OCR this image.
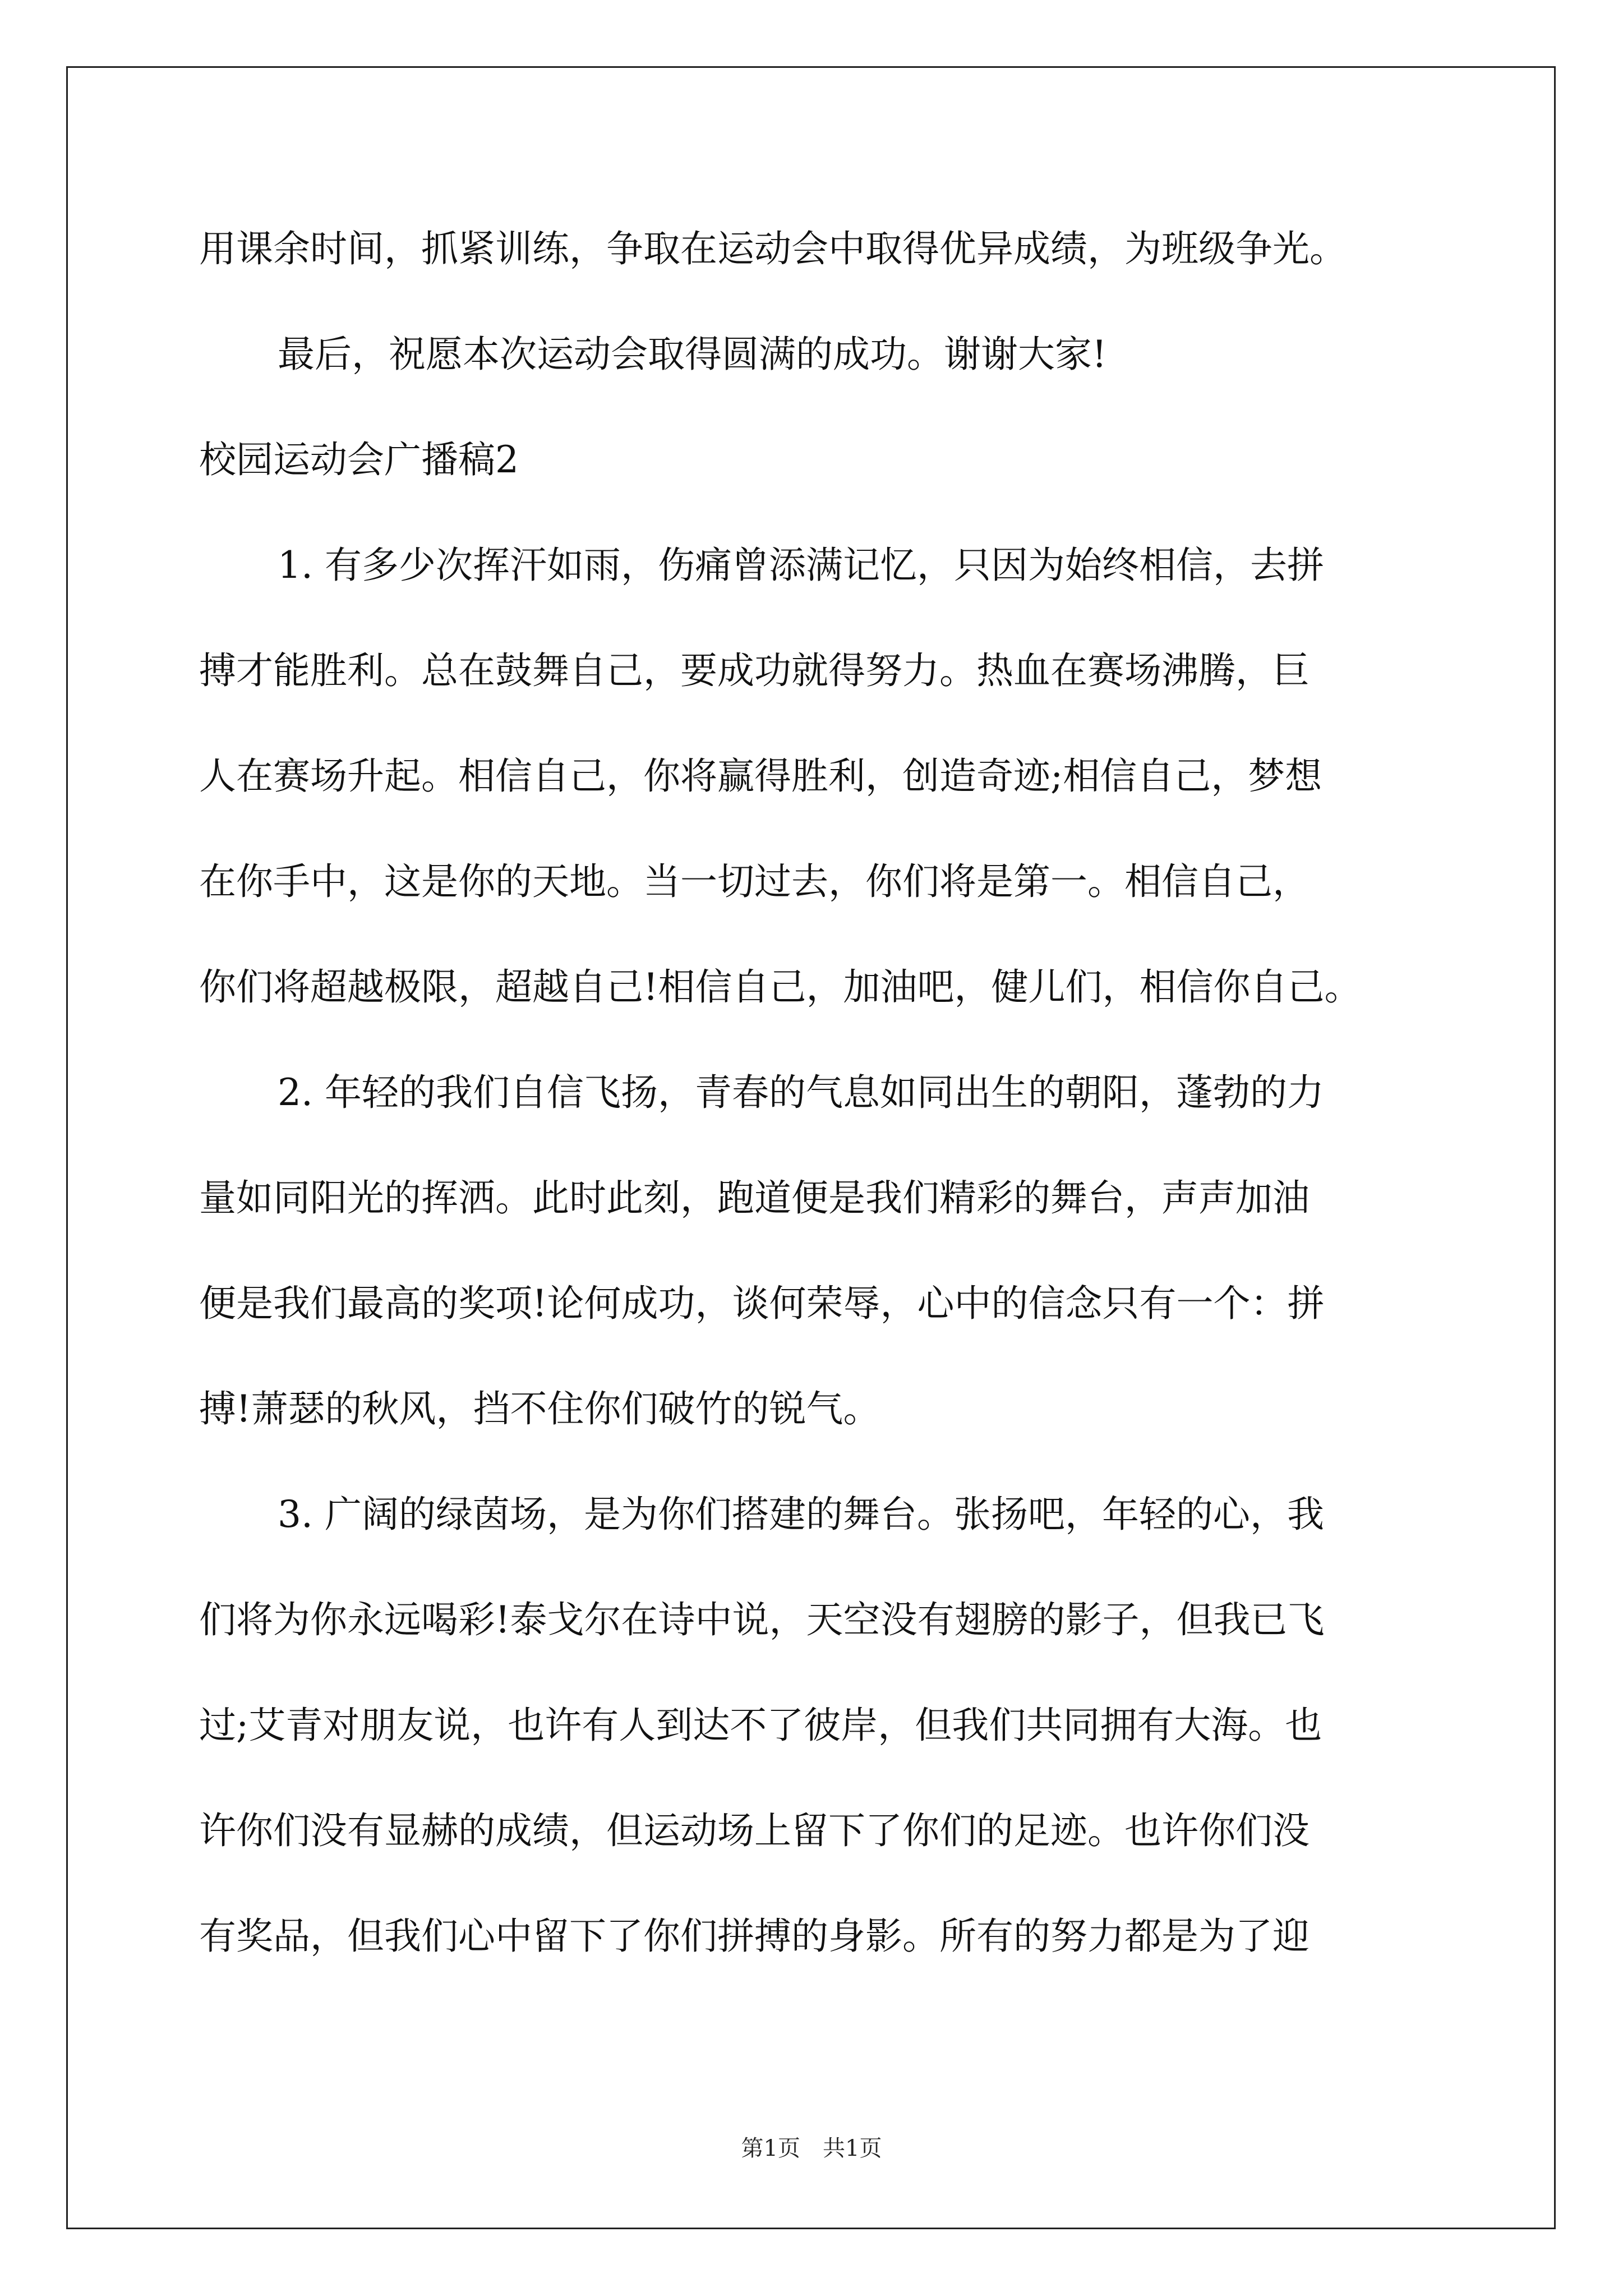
用课余时间，抓紧训练，争取在运动会中取得优异成绩，为班级争光。
最后，祝愿本次运动会取得圆满的成功。谢谢大家!
校园运动会广播稿2
1. 有多少次挥汗如雨，伤痛曾添满记忆，只因为始终相信，去拼
搏才能胜利。总在鼓舞自己，要成功就得努力。热血在赛场沸腾，巨
人在赛场升起。相信自己，你将赢得胜利，创造奇迹;相信自己，梦想
在你手中，这是你的天地。当一切过去，你们将是第一。相信自己，
你们将超越极限，超越自己!相信自己，加油吧，健儿们，相信你自己。
2. 年轻的我们自信飞扬，青春的气息如同出生的朝阳，蓬勃的力
量如同阳光的挥洒。此时此刻，跑道便是我们精彩的舞台，声声加油
便是我们最高的奖项!论何成功，谈何荣辱，心中的信念只有一个：拼
搏!萧瑟的秋风，挡不住你们破竹的锐气。
3. 广阔的绿茵场，是为你们搭建的舞台。张扬吧，年轻的心，我
们将为你永远喝彩!泰戈尔在诗中说，天空没有翅膀的影子，但我已飞
过;艾青对朋友说，也许有人到达不了彼岸，但我们共同拥有大海。也
许你们没有显赫的成绩，但运动场上留下了你们的足迹。也许你们没
有奖品，但我们心中留下了你们拼搏的身影。所有的努力都是为了迎
第1页　共1页
